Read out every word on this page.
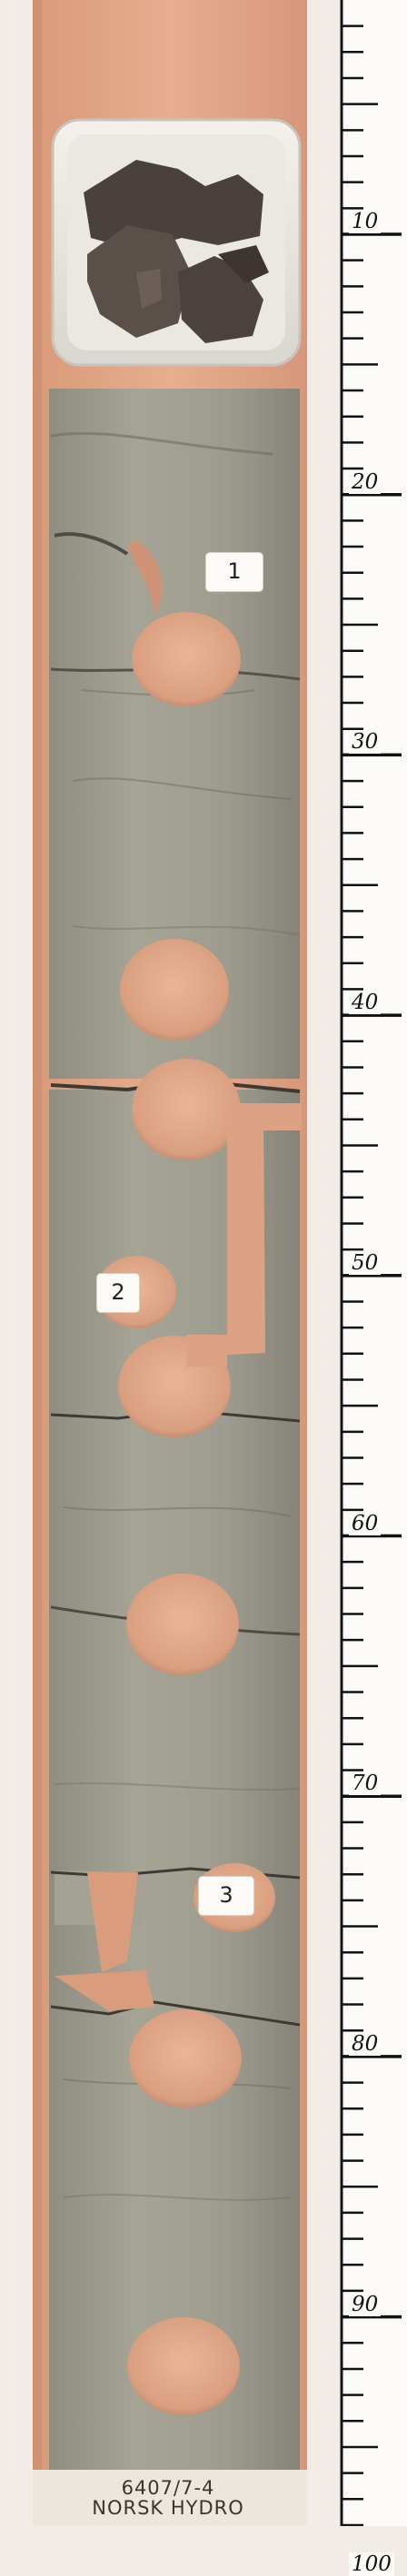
1
2
3
10
20
30
40
50
60
70
80
90
100
6407/7-4
NORSK HYDRO
